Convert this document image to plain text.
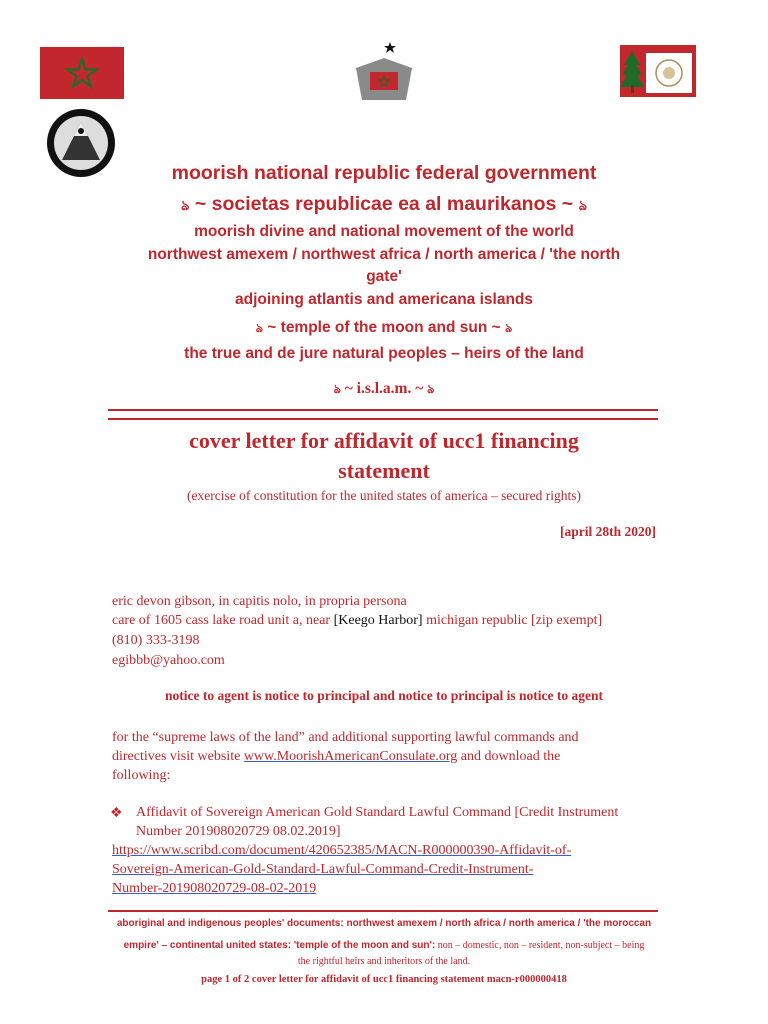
moorish national republic federal government
ঌ ~ societas republicae ea al maurikanos ~ ঌ
moorish divine and national movement of the world
northwest amexem / northwest africa / north america / 'the north
gate'
adjoining atlantis and americana islands
ঌ ~ temple of the moon and sun ~ ঌ
the true and de jure natural peoples – heirs of the land
ঌ ~ i.s.l.a.m. ~ ঌ
cover letter for affidavit of ucc1 financing
statement
(exercise of constitution for the united states of america – secured rights)
[april 28th 2020]
eric devon gibson, in capitis nolo, in propria persona
care of 1605 cass lake road unit a, near [Keego Harbor] michigan republic [zip exempt]
(810) 333-3198
egibbb@yahoo.com
notice to agent is notice to principal and notice to principal is notice to agent
for the “supreme laws of the land” and additional supporting lawful commands and
directives visit website www.MoorishAmericanConsulate.org and download the
following:
❖ Affidavit of Sovereign American Gold Standard Lawful Command [Credit Instrument
Number 201908020729 08.02.2019]
https://www.scribd.com/document/420652385/MACN-R000000390-Affidavit-of-
Sovereign-American-Gold-Standard-Lawful-Command-Credit-Instrument-
Number-201908020729-08-02-2019
aboriginal and indigenous peoples' documents: northwest amexem / north africa / north america / 'the moroccan
empire' – continental united states: 'temple of the moon and sun': non – domestic, non – resident, non-subject – being
the rightful heirs and inheritors of the land.
page 1 of 2 cover letter for affidavit of ucc1 financing statement macn-r000000418
